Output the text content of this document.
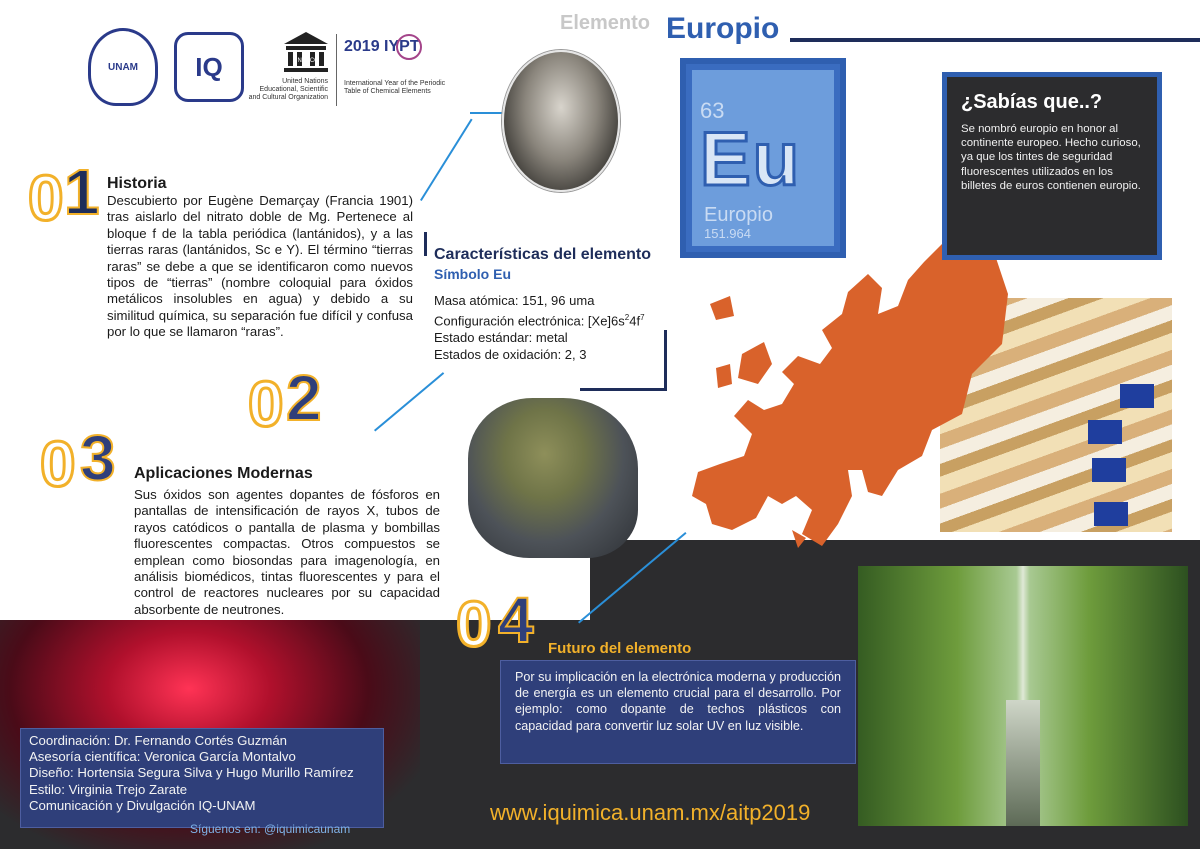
Elemento Europio
UNAM IQ	UNESCO
United Nations Educational, Scientific and Cultural Organization
2019 IYPT
International Year of the Periodic Table of Chemical Elements
0 1 Historia
Descubierto por Eugène Demarçay (Francia 1901) tras aislarlo del nitrato doble de Mg. Pertenece al bloque f de la tabla periódica (lantánidos), y a las tierras raras (lantánidos, Sc e Y). El término “tierras raras” se debe a que se identificaron como nuevos tipos de “tierras” (nombre coloquial para óxidos metálicos insolubles en agua) y debido a su similitud química, su separación fue difícil y confusa por lo que se llamaron “raras”.
0 2
0 3 Aplicaciones Modernas
Sus óxidos son agentes dopantes de fósforos en pantallas de intensificación de rayos X, tubos de rayos catódicos o pantalla de plasma y bombillas fluorescentes compactas. Otros compuestos se emplean como biosondas para imagenología, en análisis biomédicos, tintas fluorescentes y para el control de reactores nucleares por su capacidad absorbente de neutrones.
63
Eu
Europio
151.964
Características del elemento
Símbolo Eu
Masa atómica: 151, 96 uma
Configuración electrónica: $[Xe]6s^24f^7$
Estado estándar: metal
Estados de oxidación: 2, 3
¿Sabías que..?
Se nombró europio en honor al continente europeo. Hecho curioso, ya que los tintes de seguridad fluorescentes utilizados en los billetes de euros contienen europio.
0 4 Futuro del elemento
Por su implicación en la electrónica moderna y producción de energía es un elemento crucial para el desarrollo. Por ejemplo: como dopante de techos plásticos con capacidad para convertir luz solar UV en luz visible.
Coordinación: Dr. Fernando Cortés Guzmán
Asesoría científica: Veronica García Montalvo
Diseño: Hortensia Segura Silva y Hugo Murillo Ramírez
Estilo: Virginia Trejo Zarate
Comunicación y Divulgación IQ-UNAM
Síguenos en: @iquimicaunam
www.iquimica.unam.mx/aitp2019
